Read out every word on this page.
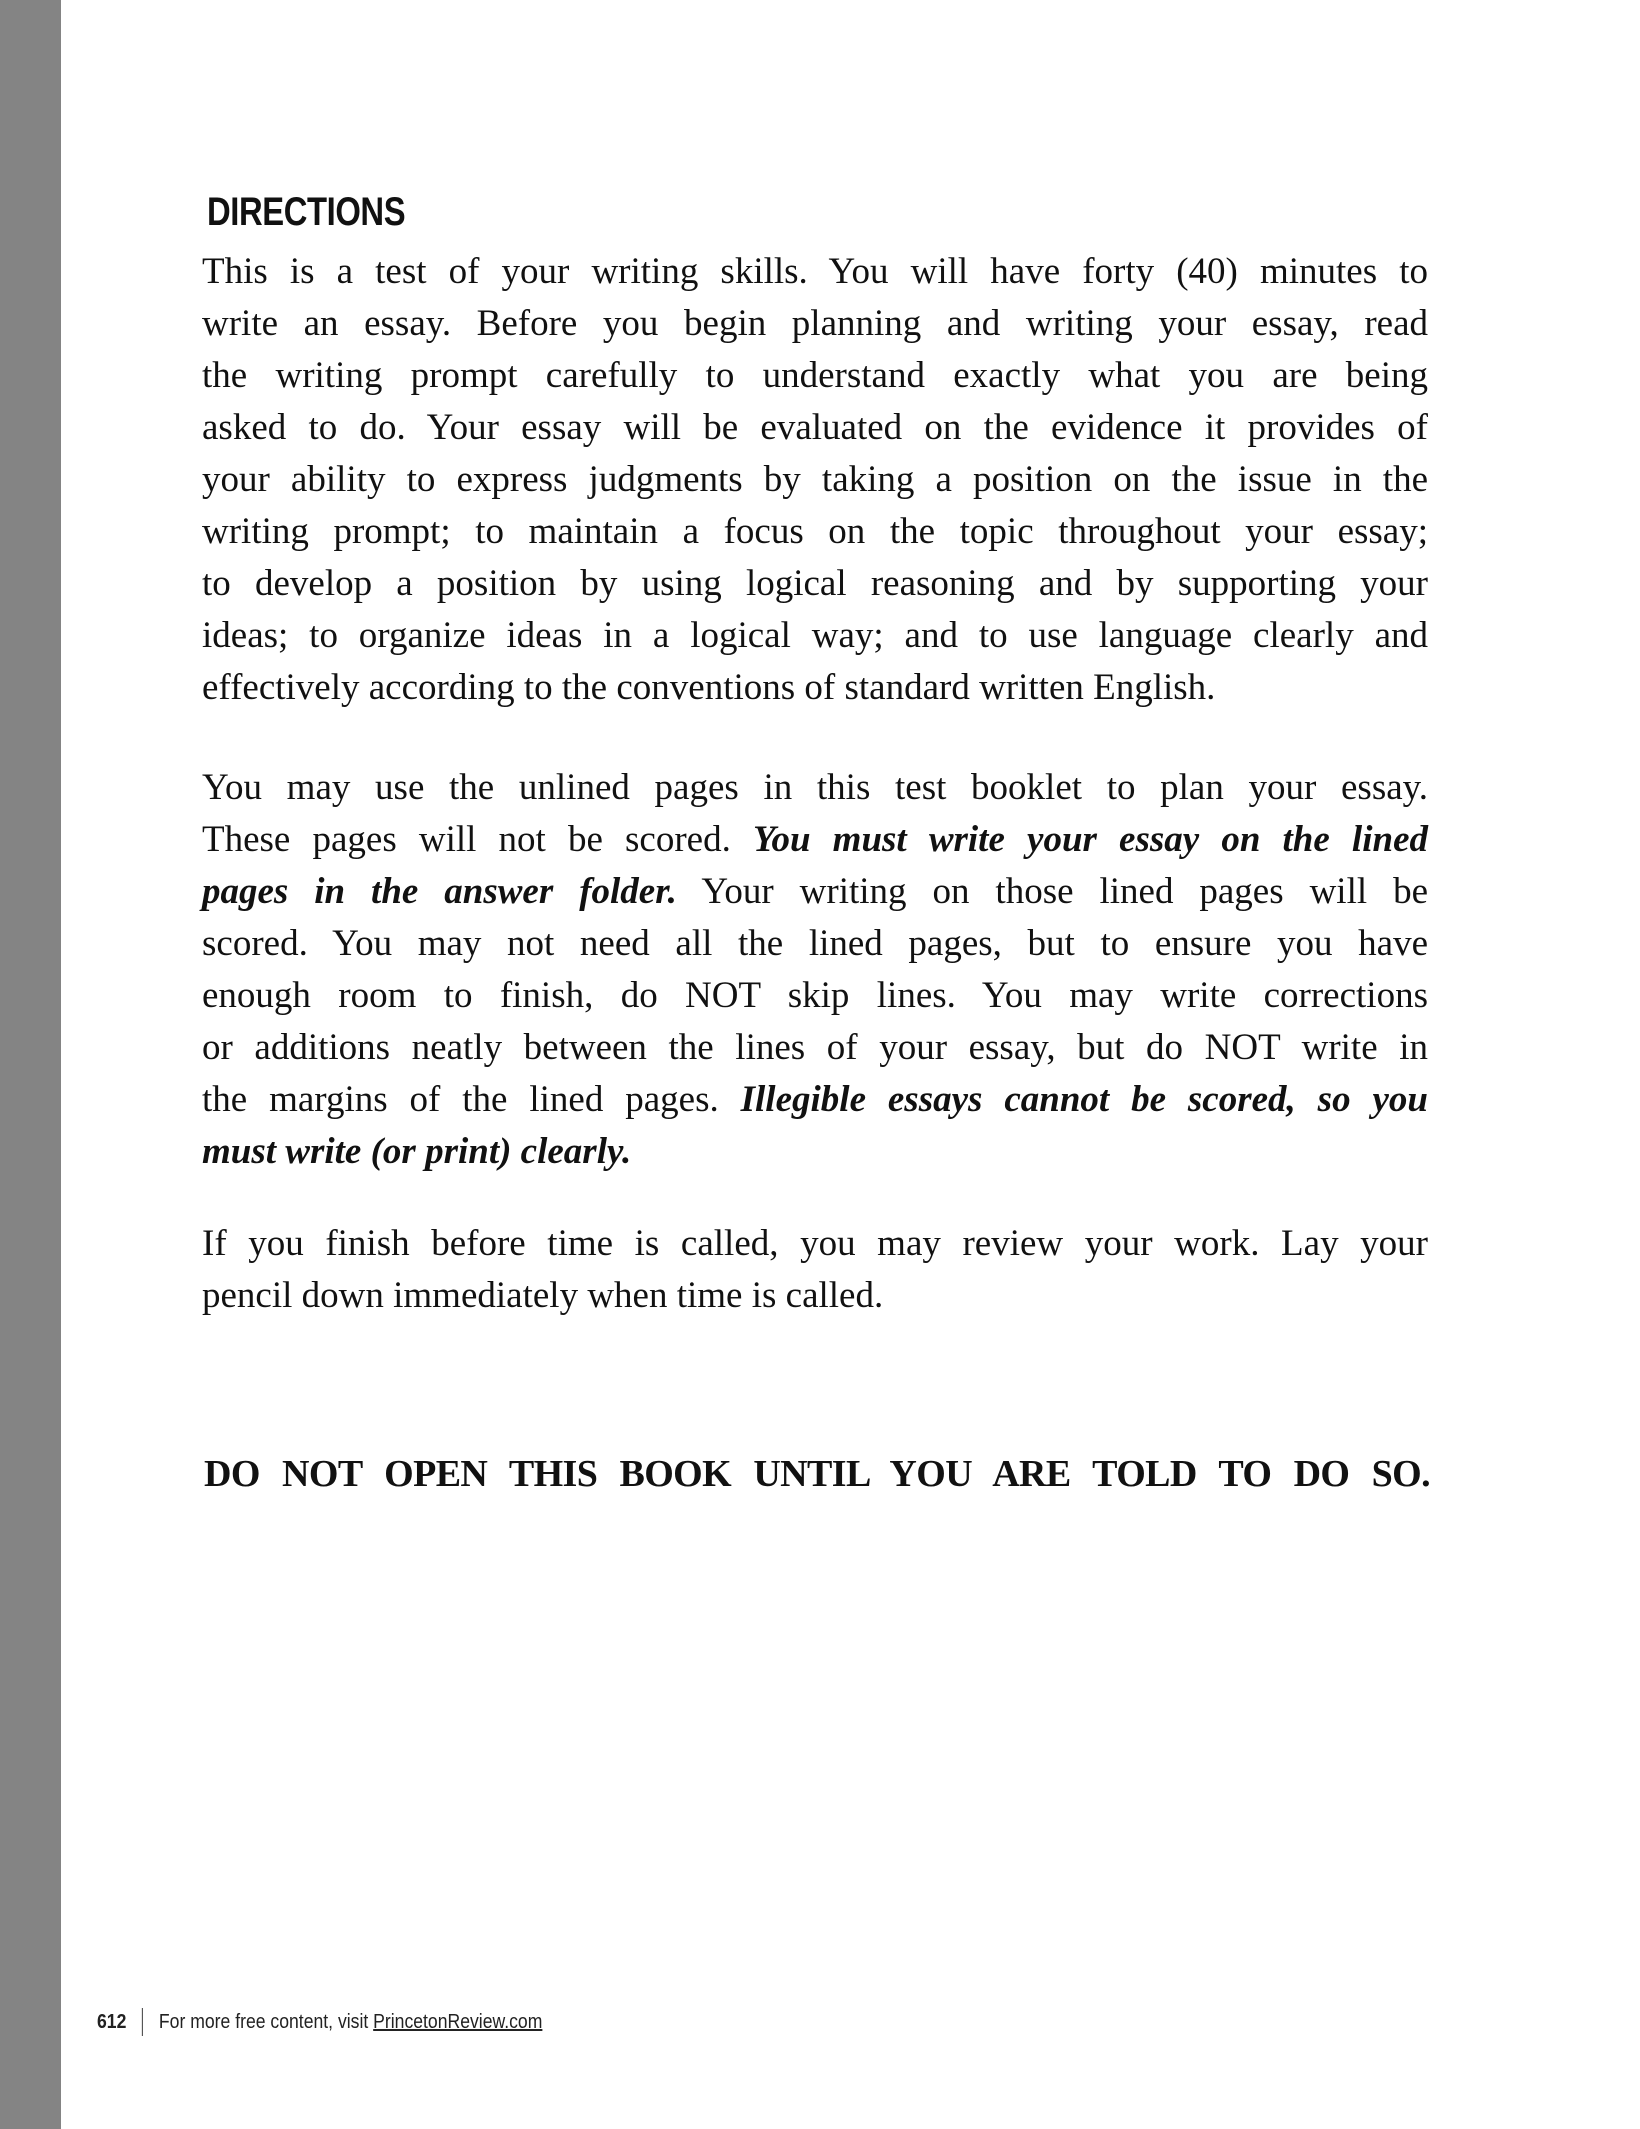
DIRECTIONS
This is a test of your writing skills. You will have forty (40) minutes to
write an essay. Before you begin planning and writing your essay, read
the writing prompt carefully to understand exactly what you are being
asked to do. Your essay will be evaluated on the evidence it provides of
your ability to express judgments by taking a position on the issue in the
writing prompt; to maintain a focus on the topic throughout your essay;
to develop a position by using logical reasoning and by supporting your
ideas; to organize ideas in a logical way; and to use language clearly and
effectively according to the conventions of standard written English.
You may use the unlined pages in this test booklet to plan your essay.
These pages will not be scored. You must write your essay on the lined
pages in the answer folder. Your writing on those lined pages will be
scored. You may not need all the lined pages, but to ensure you have
enough room to finish, do NOT skip lines. You may write corrections
or additions neatly between the lines of your essay, but do NOT write in
the margins of the lined pages. Illegible essays cannot be scored, so you
must write (or print) clearly.
If you finish before time is called, you may review your work. Lay your
pencil down immediately when time is called.
DO NOT OPEN THIS BOOK UNTIL YOU ARE TOLD TO DO SO.
612 For more free content, visit
PrincetonReview.com
